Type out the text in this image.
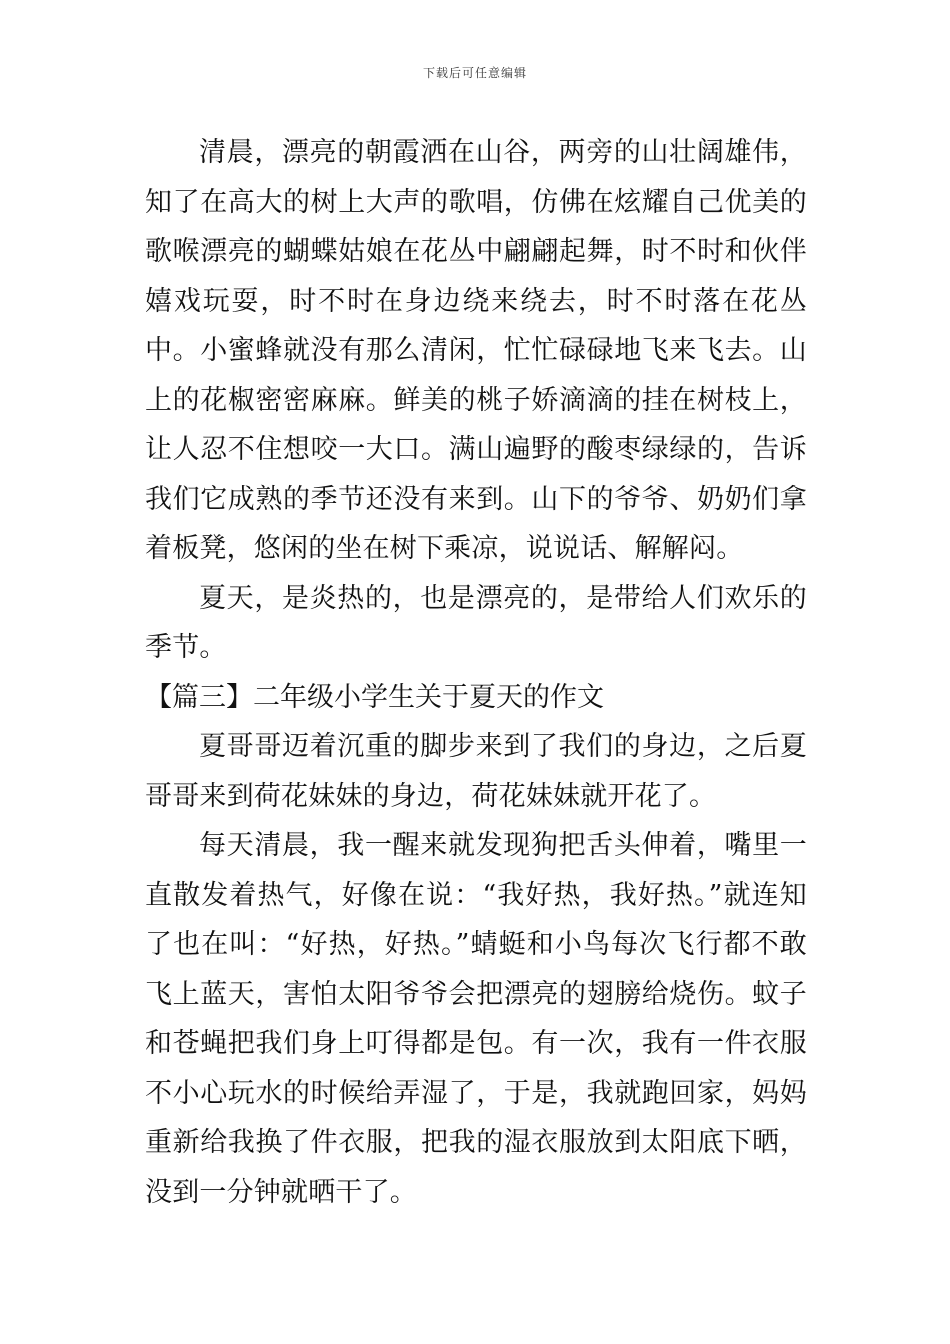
下载后可任意编辑

清晨，漂亮的朝霞洒在山谷，两旁的山壮阔雄伟，知了在高大的树上大声的歌唱，仿佛在炫耀自己优美的歌喉漂亮的蝴蝶姑娘在花丛中翩翩起舞，时不时和伙伴嬉戏玩耍，时不时在身边绕来绕去，时不时落在花丛中。小蜜蜂就没有那么清闲，忙忙碌碌地飞来飞去。山上的花椒密密麻麻。鲜美的桃子娇滴滴的挂在树枝上，让人忍不住想咬一大口。满山遍野的酸枣绿绿的，告诉我们它成熟的季节还没有来到。山下的爷爷、奶奶们拿着板凳，悠闲的坐在树下乘凉，说说话、解解闷。

夏天，是炎热的，也是漂亮的，是带给人们欢乐的季节。

【篇三】二年级小学生关于夏天的作文

夏哥哥迈着沉重的脚步来到了我们的身边，之后夏哥哥来到荷花妹妹的身边，荷花妹妹就开花了。

每天清晨，我一醒来就发现狗把舌头伸着，嘴里一直散发着热气，好像在说：“我好热，我好热。”就连知了也在叫：“好热，好热。”蜻蜓和小鸟每次飞行都不敢飞上蓝天，害怕太阳爷爷会把漂亮的翅膀给烧伤。蚊子和苍蝇把我们身上叮得都是包。有一次，我有一件衣服不小心玩水的时候给弄湿了，于是，我就跑回家，妈妈重新给我换了件衣服，把我的湿衣服放到太阳底下晒，没到一分钟就晒干了。
